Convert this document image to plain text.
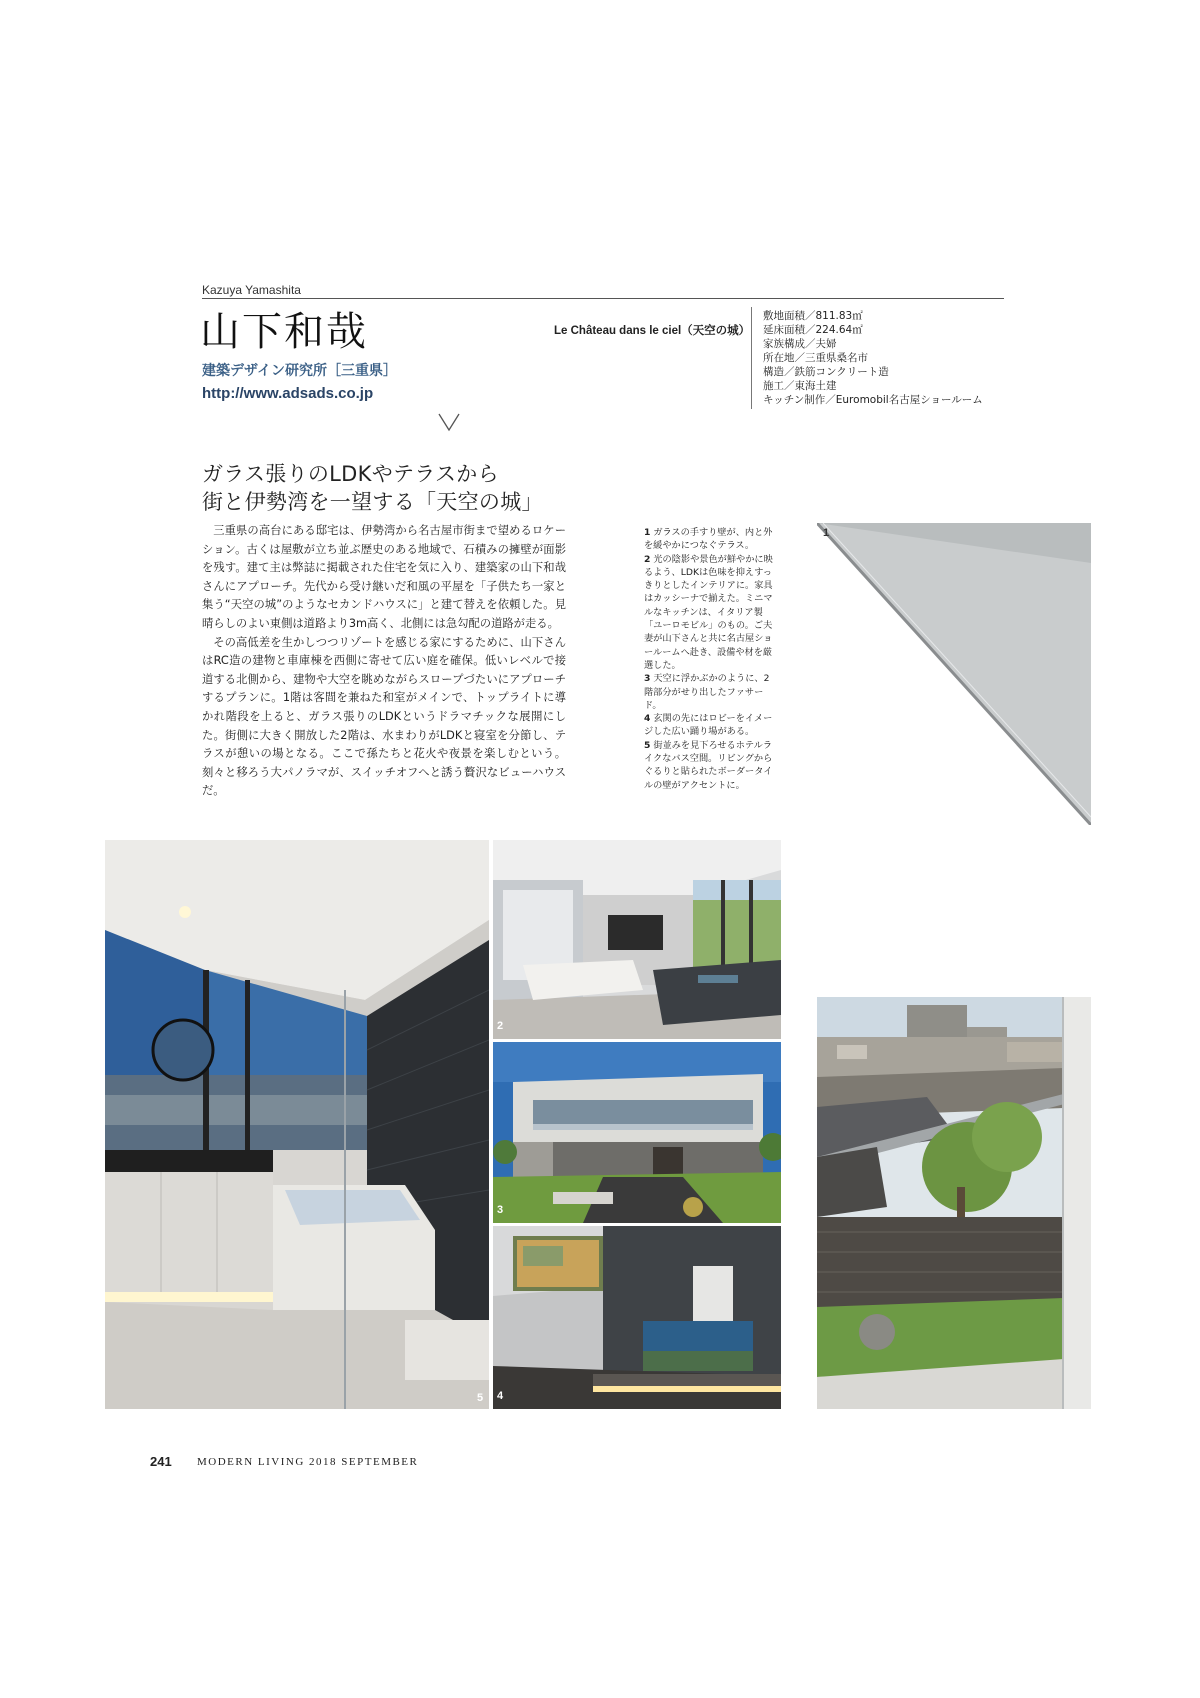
Kazuya Yamashita
山下和哉
建築デザイン研究所［三重県］
http://www.adsads.co.jp
Le Château dans le ciel（天空の城）
敷地面積／811.83㎡
延床面積／224.64㎡
家族構成／夫婦
所在地／三重県桑名市
構造／鉄筋コンクリート造
施工／東海土建
キッチン制作／Euromobil名古屋ショールーム
ガラス張りのLDKやテラスから
街と伊勢湾を一望する「天空の城」

三重県の高台にある邸宅は、伊勢湾から名古屋市街まで望めるロケーション。古くは屋敷が立ち並ぶ歴史のある地域で、石積みの擁壁が面影を残す。建て主は弊誌に掲載された住宅を気に入り、建築家の山下和哉さんにアプローチ。先代から受け継いだ和風の平屋を「子供たち一家と集う“天空の城”のようなセカンドハウスに」と建て替えを依頼した。見晴らしのよい東側は道路より3m高く、北側には急勾配の道路が走る。

その高低差を生かしつつリゾートを感じる家にするために、山下さんはRC造の建物と車庫棟を西側に寄せて広い庭を確保。低いレベルで接道する北側から、建物や大空を眺めながらスロープづたいにアプローチするプランに。1階は客間を兼ねた和室がメインで、トップライトに導かれ階段を上ると、ガラス張りのLDKというドラマチックな展開にした。街側に大きく開放した2階は、水まわりがLDKと寝室を分節し、テラスが憩いの場となる。ここで孫たちと花火や夜景を楽しむという。刻々と移ろう大パノラマが、スイッチオフへと誘う贅沢なビューハウスだ。

1 ガラスの手すり壁が、内と外を緩やかにつなぐテラス。

2 光の陰影や景色が鮮やかに映るよう、LDKは色味を抑えすっきりとしたインテリアに。家具はカッシーナで揃えた。ミニマルなキッチンは、イタリア製「ユーロモビル」のもの。ご夫妻が山下さんと共に名古屋ショールームへ赴き、設備や材を厳選した。

3 天空に浮かぶかのように、2階部分がせり出したファサード。

4 玄関の先にはロビーをイメージした広い踊り場がある。

5 街並みを見下ろせるホテルライクなバス空間。リビングからぐるりと貼られたボーダータイルの壁がアクセントに。

1
5
2
3
4
241 MODERN LIVING 2018 SEPTEMBER
